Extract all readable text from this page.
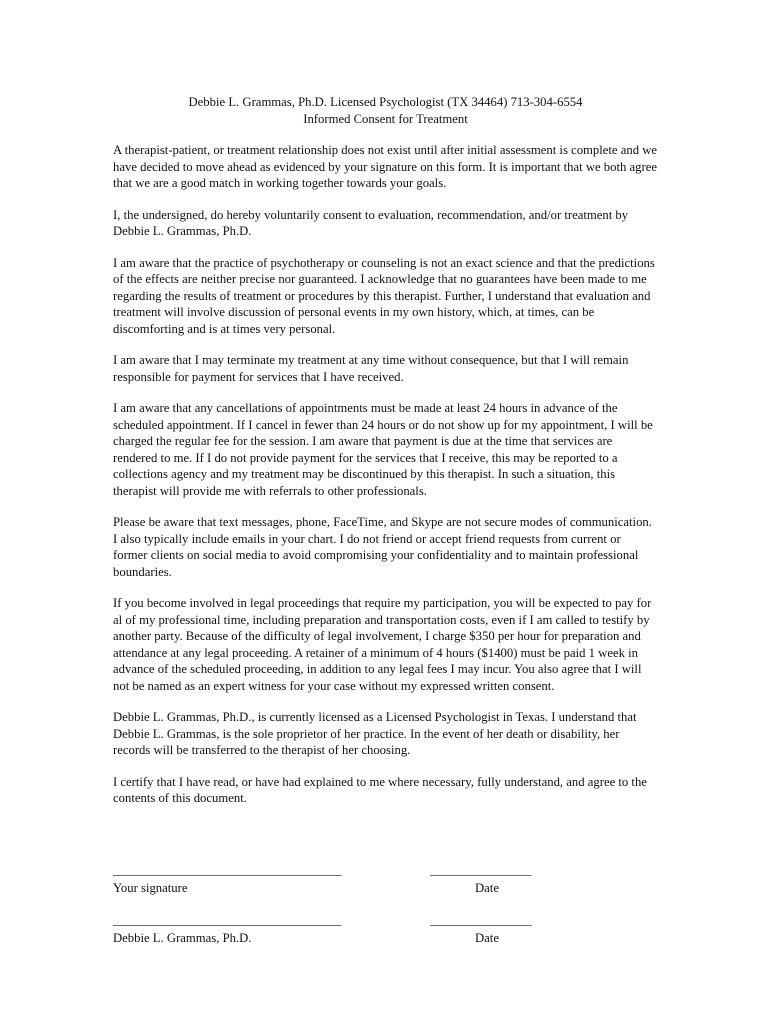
Debbie L. Grammas, Ph.D. Licensed Psychologist (TX 34464) 713-304-6554
Informed Consent for Treatment

A therapist-patient, or treatment relationship does not exist until after initial assessment is complete and we have decided to move ahead as evidenced by your signature on this form. It is important that we both agree that we are a good match in working together towards your goals.

I, the undersigned, do hereby voluntarily consent to evaluation, recommendation, and/or treatment by Debbie L. Grammas, Ph.D.

I am aware that the practice of psychotherapy or counseling is not an exact science and that the predictions of the effects are neither precise nor guaranteed. I acknowledge that no guarantees have been made to me regarding the results of treatment or procedures by this therapist. Further, I understand that evaluation and treatment will involve discussion of personal events in my own history, which, at times, can be discomforting and is at times very personal.

I am aware that I may terminate my treatment at any time without consequence, but that I will remain responsible for payment for services that I have received.

I am aware that any cancellations of appointments must be made at least 24 hours in advance of the scheduled appointment. If I cancel in fewer than 24 hours or do not show up for my appointment, I will be charged the regular fee for the session. I am aware that payment is due at the time that services are rendered to me. If I do not provide payment for the services that I receive, this may be reported to a collections agency and my treatment may be discontinued by this therapist. In such a situation, this therapist will provide me with referrals to other professionals.

Please be aware that text messages, phone, FaceTime, and Skype are not secure modes of communication. I also typically include emails in your chart. I do not friend or accept friend requests from current or former clients on social media to avoid compromising your confidentiality and to maintain professional boundaries.

If you become involved in legal proceedings that require my participation, you will be expected to pay for al of my professional time, including preparation and transportation costs, even if I am called to testify by another party. Because of the difficulty of legal involvement, I charge $350 per hour for preparation and attendance at any legal proceeding. A retainer of a minimum of 4 hours ($1400) must be paid 1 week in advance of the scheduled proceeding, in addition to any legal fees I may incur. You also agree that I will not be named as an expert witness for your case without my expressed written consent.

Debbie L. Grammas, Ph.D., is currently licensed as a Licensed Psychologist in Texas. I understand that Debbie L. Grammas, is the sole proprietor of her practice. In the event of her death or disability, her records will be transferred to the therapist of her choosing.

I certify that I have read, or have had explained to me where necessary, fully understand, and agree to the contents of this document.

____________________________________	________________
Your signature	Date
____________________________________	________________
Debbie L. Grammas, Ph.D.	Date
